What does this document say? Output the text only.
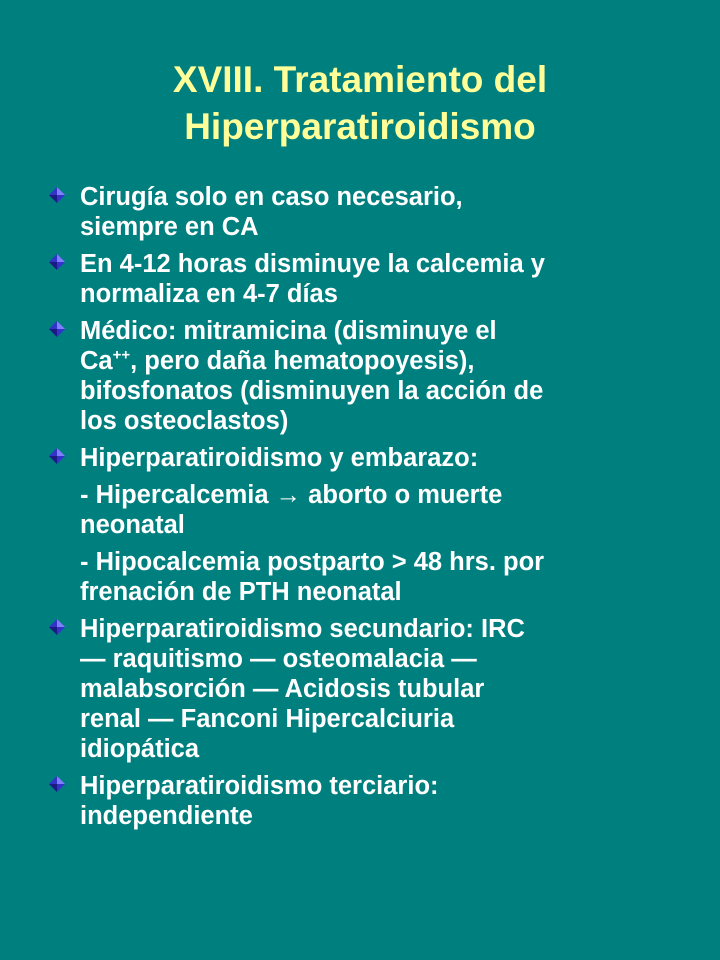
XVIII. Tratamiento del
Hiperparatiroidismo
Cirugía solo en caso necesario,
siempre en CA
En 4-12 horas disminuye la calcemia y
normaliza en 4-7 días
Médico: mitramicina (disminuye el
Ca++, pero daña hematopoyesis),
bifosfonatos (disminuyen la acción de
los osteoclastos)
Hiperparatiroidismo y embarazo:
- Hipercalcemia → aborto o muerte
neonatal
- Hipocalcemia postparto > 48 hrs. por
frenación de PTH neonatal
Hiperparatiroidismo secundario: IRC
— raquitismo — osteomalacia —
malabsorción — Acidosis tubular
renal — Fanconi Hipercalciuria
idiopática
Hiperparatiroidismo terciario:
independiente
